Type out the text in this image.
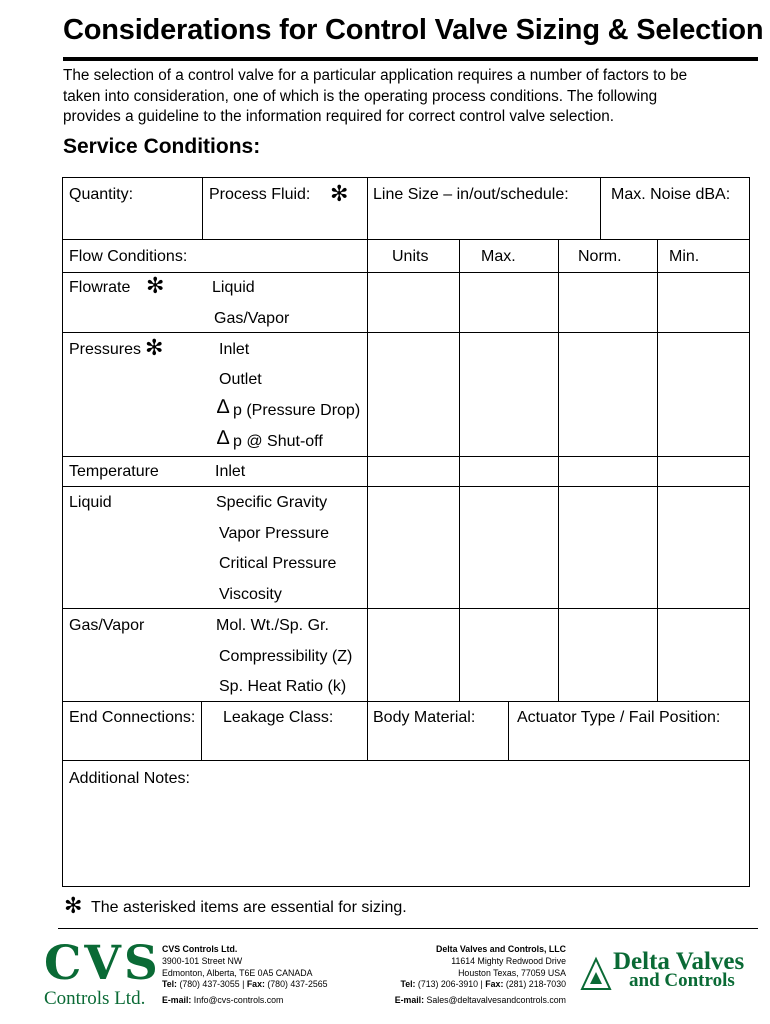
Considerations for Control Valve Sizing & Selection
The selection of a control valve for a particular application requires a number of factors to be
taken into consideration, one of which is the operating process conditions. The following
provides a guideline to the information required for correct control valve selection.
Service Conditions:
Quantity:	Process Fluid: ✻ Line Size – in/out/schedule:	Max. Noise dBA:
Flow Conditions:	Units	Max.	Norm.	Min.
Flowrate ✻	Liquid
Gas/Vapor
Pressures ✻	Inlet
Outlet
∆ p (Pressure Drop)
∆ p @ Shut-off
Temperature	Inlet
Liquid	Specific Gravity
Vapor Pressure
Critical Pressure
Viscosity
Gas/Vapor	Mol. Wt./Sp. Gr.
Compressibility (Z)
Sp. Heat Ratio (k)
End Connections: Leakage Class: Body Material:	Actuator Type / Fail Position:
Additional Notes:
✻ The asterisked items are essential for sizing.
CVS
Controls Ltd.
CVS Controls Ltd.
3900-101 Street NW
Edmonton, Alberta, T6E 0A5 CANADA
Tel: (780) 437-3055 | Fax: (780) 437-2565
E-mail: Info@cvs-controls.com
Delta Valves and Controls, LLC
11614 Mighty Redwood Drive
Houston Texas, 77059 USA
Tel: (713) 206-3910 | Fax: (281) 218-7030
E-mail: Sales@deltavalvesandcontrols.com
Delta Valves
and Controls
